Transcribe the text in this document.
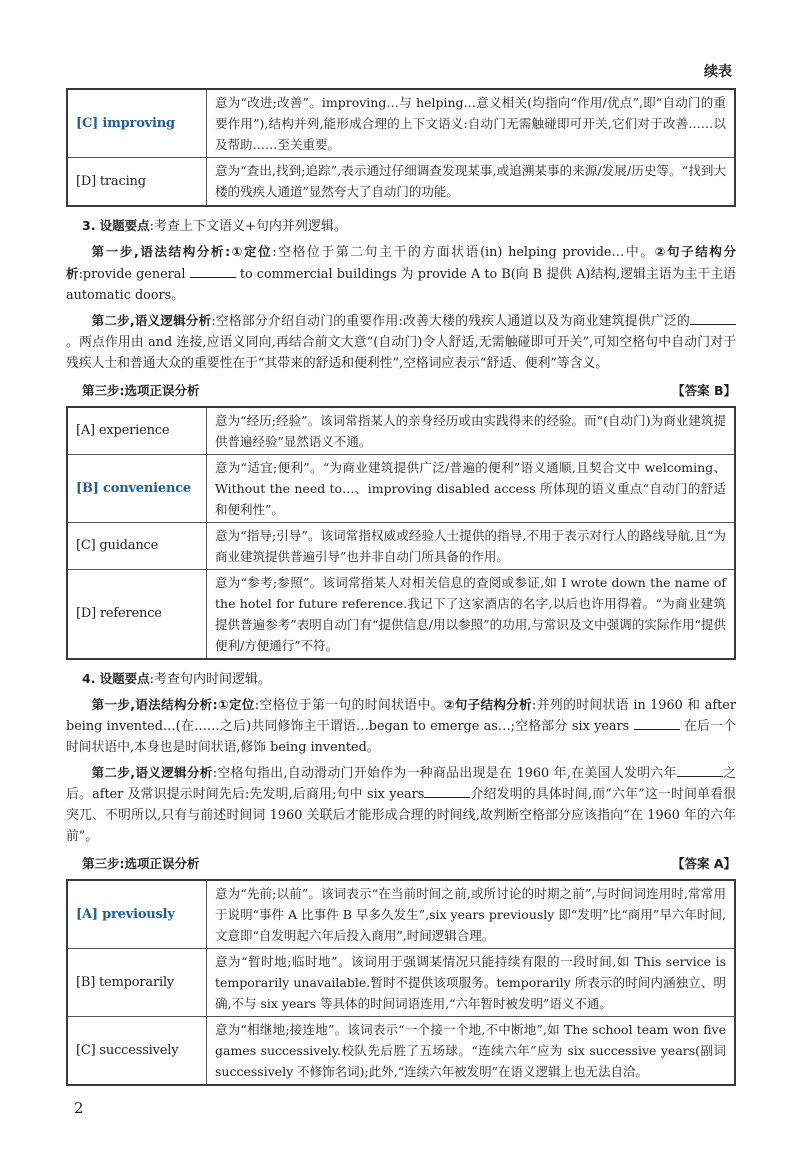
续表
[C] improving	意为“改进;改善”。improving…与 helping…意义相关(均指向“作用/优点”,即“自动门的重要作用”),结构并列,能形成合理的上下文语义:自动门无需触碰即可开关,它们对于改善……以及帮助……至关重要。
[D] tracing	意为“查出,找到;追踪”,表示通过仔细调查发现某事,或追溯某事的来源/发展/历史等。“找到大楼的残疾人通道”显然夸大了自动门的功能。

3. 设题要点:考查上下文语义+句内并列逻辑。

第一步,语法结构分析:①定位:空格位于第二句主干的方面状语(in) helping provide…中。②句子结构分析:provide general	to commercial buildings 为 provide A to B(向 B 提供 A)结构,逻辑主语为主干主语 automatic doors。

第二步,语义逻辑分析:空格部分介绍自动门的重要作用:改善大楼的残疾人通道以及为商业建筑提供广泛的。两点作用由 and 连接,应语义同向,再结合前文大意“(自动门)令人舒适,无需触碰即可开关”,可知空格句中自动门对于残疾人士和普通大众的重要性在于“其带来的舒适和便利性”,空格词应表示“舒适、便利”等含义。

第三步:选项正误分析	【答案 B】
[A] experience	意为“经历;经验”。该词常指某人的亲身经历或由实践得来的经验。而“(自动门)为商业建筑提供普遍经验”显然语义不通。
[B] convenience	意为“适宜;便利”。“为商业建筑提供广泛/普遍的便利”语义通顺,且契合文中 welcoming、Without the need to…、improving disabled access 所体现的语义重点“自动门的舒适和便利性”。
[C] guidance	意为“指导;引导”。该词常指权威或经验人士提供的指导,不用于表示对行人的路线导航,且“为商业建筑提供普遍引导”也并非自动门所具备的作用。
[D] reference	意为“参考;参照”。该词常指某人对相关信息的查阅或参证,如 I wrote down the name of the hotel for future reference.我记下了这家酒店的名字,以后也许用得着。“为商业建筑提供普遍参考”表明自动门有“提供信息/用以参照”的功用,与常识及文中强调的实际作用“提供便利/方便通行”不符。

4. 设题要点:考查句内时间逻辑。

第一步,语法结构分析:①定位:空格位于第一句的时间状语中。②句子结构分析:并列的时间状语 in 1960 和 after being invented…(在……之后)共同修饰主干谓语…began to emerge as…;空格部分 six years	在后一个时间状语中,本身也是时间状语,修饰 being invented。

第二步,语义逻辑分析:空格句指出,自动滑动门开始作为一种商品出现是在 1960 年,在美国人发明六年	之后。after 及常识提示时间先后:先发明,后商用;句中 six years	介绍发明的具体时间,而“六年”这一时间单看很突兀、不明所以,只有与前述时间词 1960 关联后才能形成合理的时间线,故判断空格部分应该指向“在 1960 年的六年前”。

第三步:选项正误分析	【答案 A】
[A] previously	意为“先前;以前”。该词表示“在当前时间之前,或所讨论的时期之前”,与时间词连用时,常常用于说明“事件 A 比事件 B 早多久发生”,six years previously 即“发明”比“商用”早六年时间,文意即“自发明起六年后投入商用”,时间逻辑合理。
[B] temporarily	意为“暂时地;临时地”。该词用于强调某情况只能持续有限的一段时间,如 This service is temporarily unavailable.暂时不提供该项服务。temporarily 所表示的时间内涵独立、明确,不与 six years 等具体的时间词语连用,“六年暂时被发明”语义不通。
[C] successively	意为“相继地;接连地”。该词表示“一个接一个地,不中断地”,如 The school team won five games successively.校队先后胜了五场球。“连续六年”应为 six successive years(副词 successively 不修饰名词);此外,“连续六年被发明”在语义逻辑上也无法自洽。
2
